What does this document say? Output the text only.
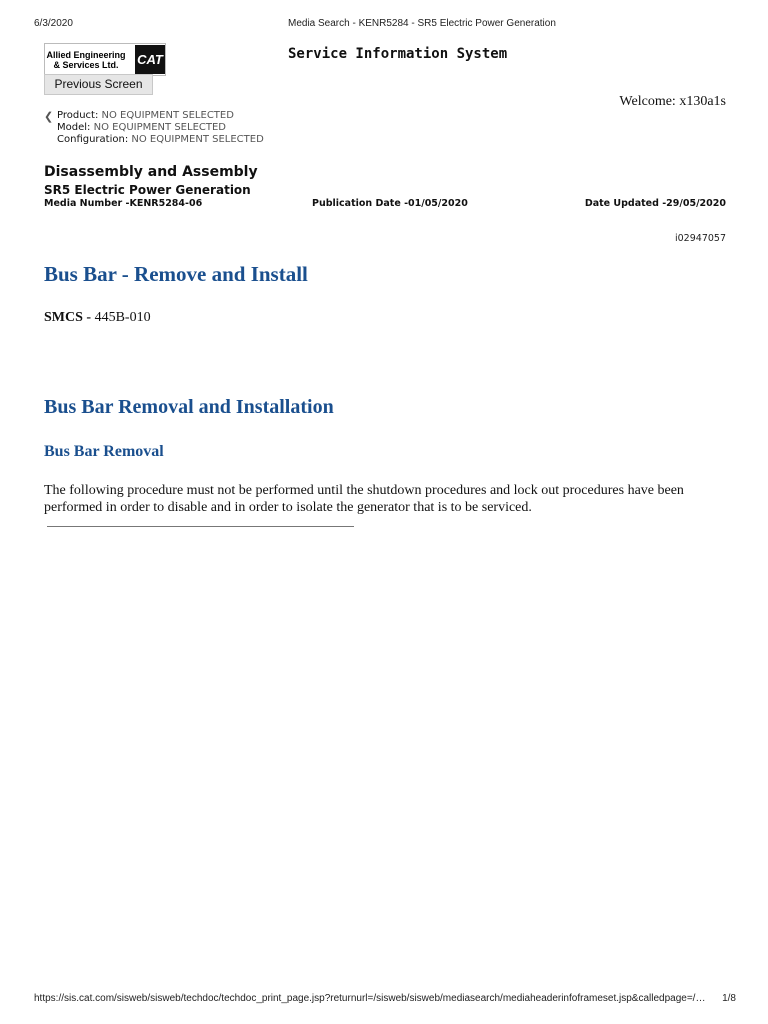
6/3/2020	Media Search - KENR5284 - SR5 Electric Power Generation
Allied Engineering
& Services Ltd.	CAT
Previous Screen
Service Information System
Welcome: x130a1s
❮ Product: NO EQUIPMENT SELECTED
Model: NO EQUIPMENT SELECTED
Configuration: NO EQUIPMENT SELECTED
Disassembly and Assembly
SR5 Electric Power Generation
Media Number -KENR5284-06	Publication Date -01/05/2020	Date Updated -29/05/2020
i02947057
Bus Bar - Remove and Install
SMCS - 445B-010
Bus Bar Removal and Installation
Bus Bar Removal

The following procedure must not be performed until the shutdown procedures and lock out procedures have been performed in order to disable and in order to isolate the generator that is to be serviced.

https://sis.cat.com/sisweb/sisweb/techdoc/techdoc_print_page.jsp?returnurl=/sisweb/sisweb/mediasearch/mediaheaderinfoframeset.jsp&calledpage=/…	1/8
